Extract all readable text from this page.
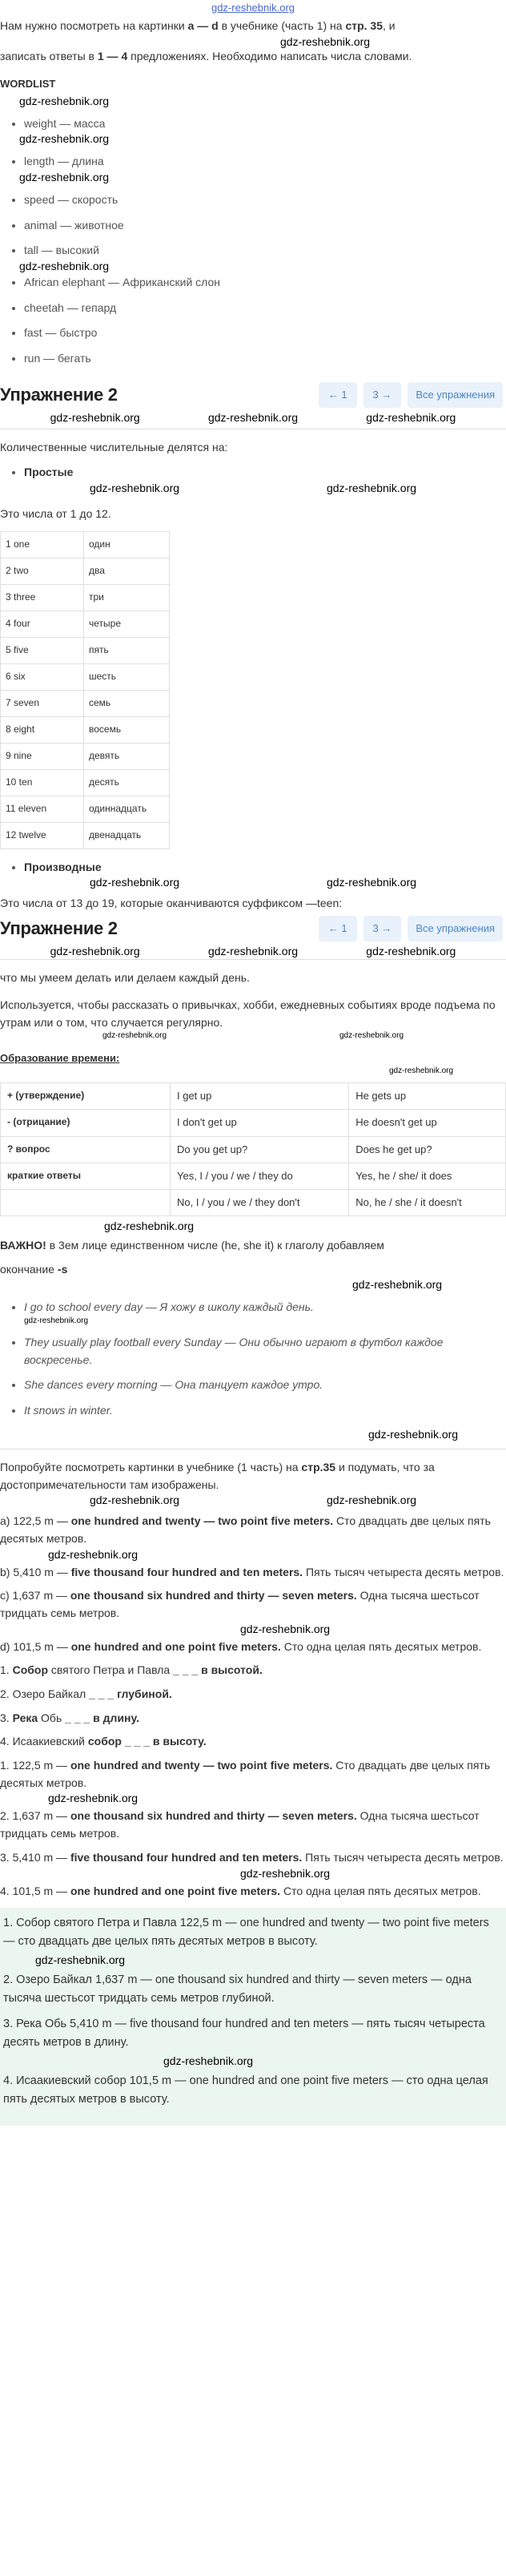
gdz-reshebnik.org

Нам нужно посмотреть на картинки a — d в учебнике (часть 1) на стр. 35, и

gdz-reshebnik.org

записать ответы в 1 — 4 предложениях. Необходимо написать числа словами.

WORDLIST
gdz-reshebnik.org
• weight — масса
gdz-reshebnik.org
• length — длина
gdz-reshebnik.org
• speed — скорость
• animal — животное
• tall — высокий
gdz-reshebnik.org
• African elephant — Африканский слон
• cheetah — гепард
• fast — быстро
• run — бегать
Упражнение 2	← 1	3 →	Все упражнения
gdz-reshebnik.org	gdz-reshebnik.org	gdz-reshebnik.org

Количественные числительные делятся на:

• Простые
gdz-reshebnik.org	gdz-reshebnik.org

Это числа от 1 до 12.

1 one	один
2 two	два
3 three	три
4 four	четыре
5 five	пять
6 six	шесть
7 seven	семь
8 eight	восемь
9 nine	девять
10 ten	десять
11 eleven	одиннадцать
12 twelve	двенадцать
• Производные
gdz-reshebnik.org	gdz-reshebnik.org

Это числа от 13 до 19, которые оканчиваются суффиксом —teen:

Упражнение 2	← 1	3 →	Все упражнения
gdz-reshebnik.org	gdz-reshebnik.org	gdz-reshebnik.org

что мы умеем делать или делаем каждый день.

Используется, чтобы рассказать о привычках, хобби, ежедневных событиях вроде подъема по утрам или о том, что случается регулярно.

gdz-reshebnik.org	gdz-reshebnik.org

Образование времени:

gdz-reshebnik.org
+ (утверждение)	I get up	He gets up
- (отрицание)	I don't get up	He doesn't get up
? вопрос	Do you get up?	Does he get up?
краткие ответы	Yes, I / you / we / they do	Yes, he / she/ it does
	No, I / you / we / they don't	No, he / she / it doesn't
gdz-reshebnik.org

ВАЖНО! в 3ем лице единственном числе (he, she it) к глаголу добавляем

окончание -s

gdz-reshebnik.org
• I go to school every day — Я хожу в школу каждый день.
gdz-reshebnik.org
• They usually play football every Sunday — Они обычно играют в футбол каждое воскресенье.
• She dances every morning — Она танцует каждое утро.
• It snows in winter.
gdz-reshebnik.org

Попробуйте посмотреть картинки в учебнике (1 часть) на стр.35 и подумать, что за достопримечательности там изображены.

gdz-reshebnik.org	gdz-reshebnik.org

a) 122,5 m — one hundred and twenty — two point five meters. Сто двадцать две целых пять десятых метров.

gdz-reshebnik.org

b) 5,410 m — five thousand four hundred and ten meters. Пять тысяч четыреста десять метров.

c) 1,637 m — one thousand six hundred and thirty — seven meters. Одна тысяча шестьсот тридцать семь метров.

gdz-reshebnik.org

d) 101,5 m — one hundred and one point five meters. Сто одна целая пять десятых метров.

1. Собор святого Петра и Павла _ _ _ в высотой.

2. Озеро Байкал _ _ _ глубиной.

3. Река Обь _ _ _ в длину.

4. Исаакиевский собор _ _ _ в высоту.

1. 122,5 m — one hundred and twenty — two point five meters. Сто двадцать две целых пять десятых метров.

gdz-reshebnik.org

2. 1,637 m — one thousand six hundred and thirty — seven meters. Одна тысяча шестьсот тридцать семь метров.

3. 5,410 m — five thousand four hundred and ten meters. Пять тысяч четыреста десять метров.

gdz-reshebnik.org

4. 101,5 m — one hundred and one point five meters. Сто одна целая пять десятых метров.

1. Собор святого Петра и Павла 122,5 m — one hundred and twenty — two point five meters — сто двадцать две целых пять десятых метров в высоту.

gdz-reshebnik.org

2. Озеро Байкал 1,637 m — one thousand six hundred and thirty — seven meters — одна тысяча шестьсот тридцать семь метров глубиной.

3. Река Обь 5,410 m — five thousand four hundred and ten meters — пять тысяч четыреста десять метров в длину.

gdz-reshebnik.org

4. Исаакиевский собор 101,5 m — one hundred and one point five meters — сто одна целая пять десятых метров в высоту.
